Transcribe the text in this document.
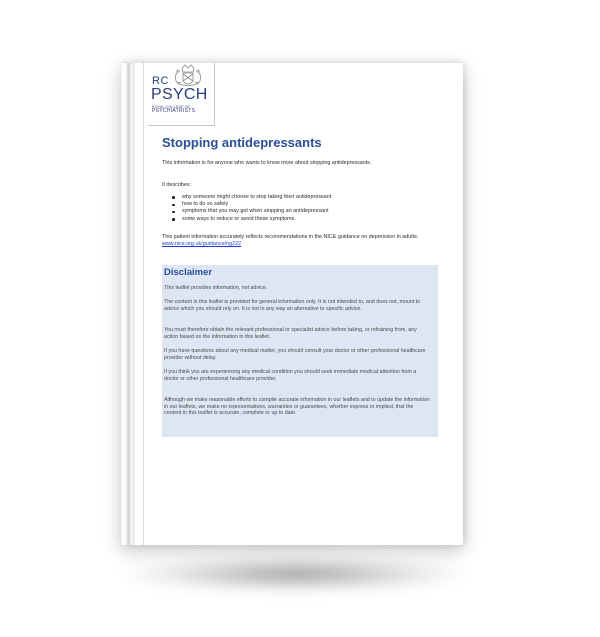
RC
PSYCH
ROYAL COLLEGE OF
PSYCHIATRISTS
Stopping antidepressants

This information is for anyone who wants to know more about stopping antidepressants.

It describes:

why someone might choose to stop taking their antidepressant
how to do so safely
symptoms that you may get when stopping an antidepressant
some ways to reduce or avoid these symptoms.

This patient information accurately reflects recommendations in the NICE guidance on depression in adults: www.nice.org.uk/guidance/ng222

Disclaimer

This leaflet provides information, not advice.

The content in this leaflet is provided for general information only. It is not intended to, and does not, mount to advice which you should rely on. It is not in any way an alternative to specific advice.

You must therefore obtain the relevant professional or specialist advice before taking, or refraining from, any action based on the information in this leaflet.

If you have questions about any medical matter, you should consult your doctor or other professional healthcare provider without delay.

If you think you are experiencing any medical condition you should seek immediate medical attention from a doctor or other professional healthcare provider.

Although we make reasonable efforts to compile accurate information in our leaflets and to update the information in our leaflets, we make no representations, warranties or guarantees, whether express or implied, that the content in this leaflet is accurate, complete or up to date.
